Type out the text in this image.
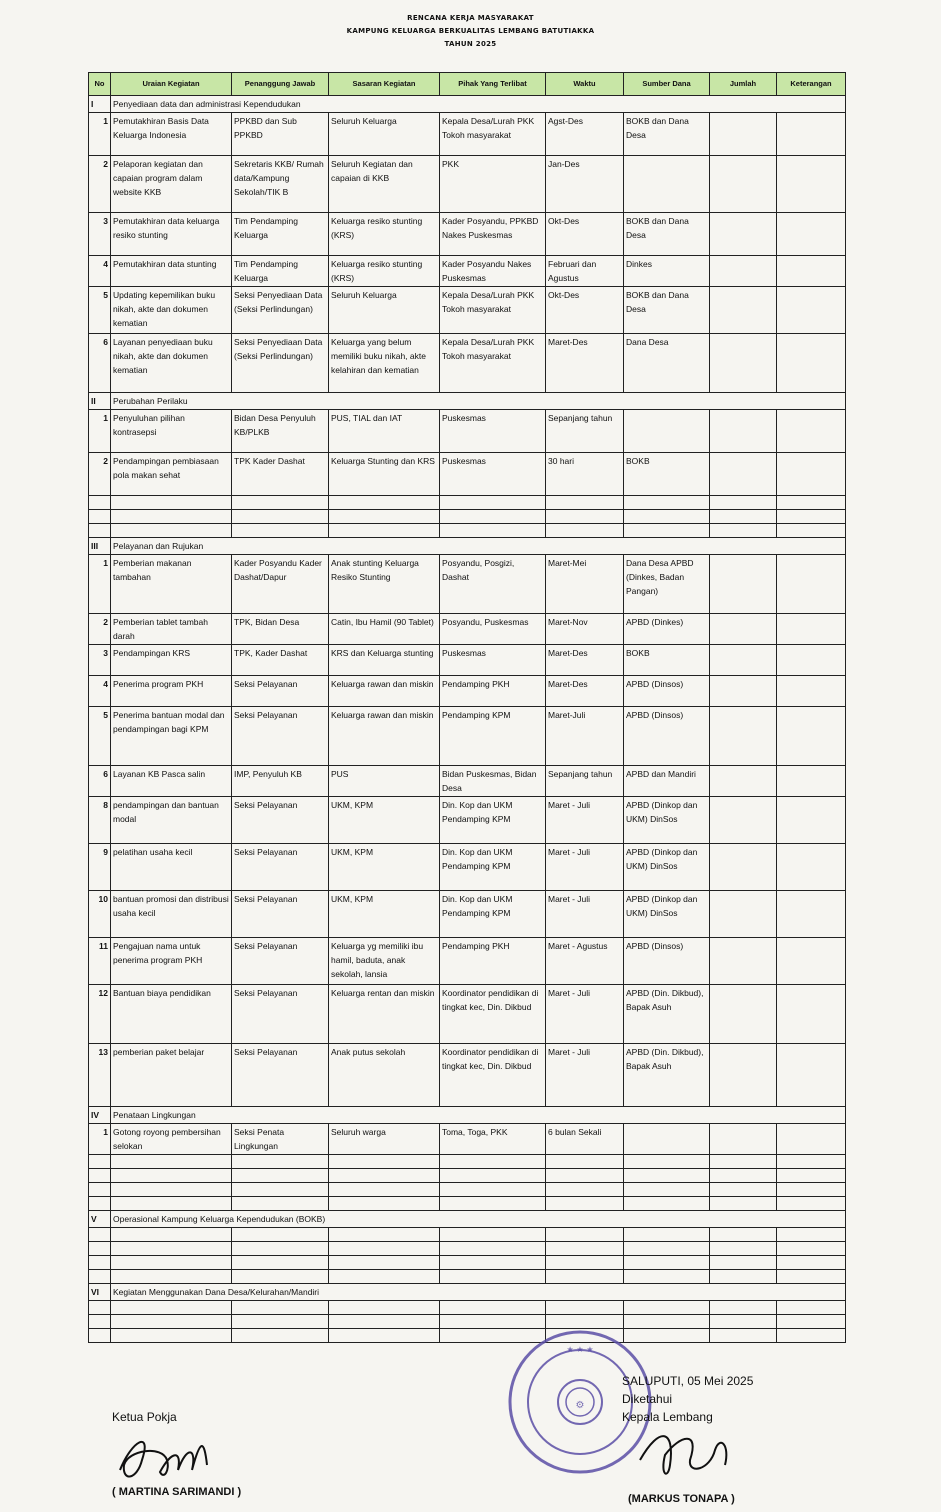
RENCANA KERJA MASYARAKAT
KAMPUNG KELUARGA BERKUALITAS LEMBANG BATUTIAKKA
TAHUN 2025
No	Uraian Kegiatan	Penanggung Jawab	Sasaran Kegiatan	Pihak Yang Terlibat	Waktu	Sumber Dana	Jumlah	Keterangan
I	Penyediaan data dan administrasi Kependudukan							
1	Pemutakhiran Basis Data Keluarga Indonesia	PPKBD dan Sub PPKBD	Seluruh Keluarga	Kepala Desa/Lurah PKK Tokoh masyarakat	Agst-Des	BOKB dan Dana Desa		
2	Pelaporan kegiatan dan capaian program dalam website KKB	Sekretaris KKB/ Rumah data/Kampung Sekolah/TIK B	Seluruh Kegiatan dan capaian di KKB	PKK	Jan-Des			
3	Pemutakhiran data keluarga resiko stunting	Tim Pendamping Keluarga	Keluarga resiko stunting (KRS)	Kader Posyandu, PPKBD Nakes Puskesmas	Okt-Des	BOKB dan Dana Desa		
4	Pemutakhiran data stunting	Tim Pendamping Keluarga	Keluarga resiko stunting (KRS)	Kader Posyandu Nakes Puskesmas	Februari dan Agustus	Dinkes		
5	Updating kepemilikan buku nikah, akte dan dokumen kematian	Seksi Penyediaan Data (Seksi Perlindungan)	Seluruh Keluarga	Kepala Desa/Lurah PKK Tokoh masyarakat	Okt-Des	BOKB dan Dana Desa		
6	Layanan penyediaan buku nikah, akte dan dokumen kematian	Seksi Penyediaan Data (Seksi Perlindungan)	Keluarga yang belum memiliki buku nikah, akte kelahiran dan kematian	Kepala Desa/Lurah PKK Tokoh masyarakat	Maret-Des	Dana Desa		
II	Perubahan Perilaku							
1	Penyuluhan pilihan kontrasepsi	Bidan Desa Penyuluh KB/PLKB	PUS, TIAL dan IAT	Puskesmas	Sepanjang tahun			
2	Pendampingan pembiasaan pola makan sehat	TPK Kader Dashat	Keluarga Stunting dan KRS	Puskesmas	30 hari	BOKB		

III	Pelayanan dan Rujukan							
1	Pemberian makanan tambahan	Kader Posyandu Kader Dashat/Dapur	Anak stunting Keluarga Resiko Stunting	Posyandu, Posgizi, Dashat	Maret-Mei	Dana Desa APBD (Dinkes, Badan Pangan)		
2	Pemberian tablet tambah darah	TPK, Bidan Desa	Catin, Ibu Hamil (90 Tablet)	Posyandu, Puskesmas	Maret-Nov	APBD (Dinkes)		
3	Pendampingan KRS	TPK, Kader Dashat	KRS dan Keluarga stunting	Puskesmas	Maret-Des	BOKB		
4	Penerima program PKH	Seksi Pelayanan	Keluarga rawan dan miskin	Pendamping PKH	Maret-Des	APBD (Dinsos)		
5	Penerima bantuan modal dan pendampingan bagi KPM	Seksi Pelayanan	Keluarga rawan dan miskin	Pendamping KPM	Maret-Juli	APBD (Dinsos)		
6	Layanan KB Pasca salin	IMP, Penyuluh KB	PUS	Bidan Puskesmas, Bidan Desa	Sepanjang tahun	APBD dan Mandiri		
8	pendampingan dan bantuan modal	Seksi Pelayanan	UKM, KPM	Din. Kop dan UKM Pendamping KPM	Maret - Juli	APBD (Dinkop dan UKM) DinSos		
9	pelatihan usaha kecil	Seksi Pelayanan	UKM, KPM	Din. Kop dan UKM Pendamping KPM	Maret - Juli	APBD (Dinkop dan UKM) DinSos		
10	bantuan promosi dan distribusi usaha kecil	Seksi Pelayanan	UKM, KPM	Din. Kop dan UKM Pendamping KPM	Maret - Juli	APBD (Dinkop dan UKM) DinSos		
11	Pengajuan nama untuk penerima program PKH	Seksi Pelayanan	Keluarga yg memiliki ibu hamil, baduta, anak sekolah, lansia	Pendamping PKH	Maret - Agustus	APBD (Dinsos)		
12	Bantuan biaya pendidikan	Seksi Pelayanan	Keluarga rentan dan miskin	Koordinator pendidikan di tingkat kec, Din. Dikbud	Maret - Juli	APBD (Din. Dikbud), Bapak Asuh		
13	pemberian paket belajar	Seksi Pelayanan	Anak putus sekolah	Koordinator pendidikan di tingkat kec, Din. Dikbud	Maret - Juli	APBD (Din. Dikbud), Bapak Asuh		
IV	Penataan Lingkungan							
1	Gotong royong pembersihan selokan	Seksi Penata Lingkungan	Seluruh warga	Toma, Toga, PKK	6 bulan Sekali			

V	Operasional Kampung Keluarga Kependudukan (BOKB)							

VI	Kegiatan Menggunakan Dana Desa/Kelurahan/Mandiri							

★ ★ ★
⚙
Ketua Pokja
( MARTINA SARIMANDI )
SALUPUTI, 05 Mei 2025
Diketahui
Kepala Lembang
(MARKUS TONAPA )
